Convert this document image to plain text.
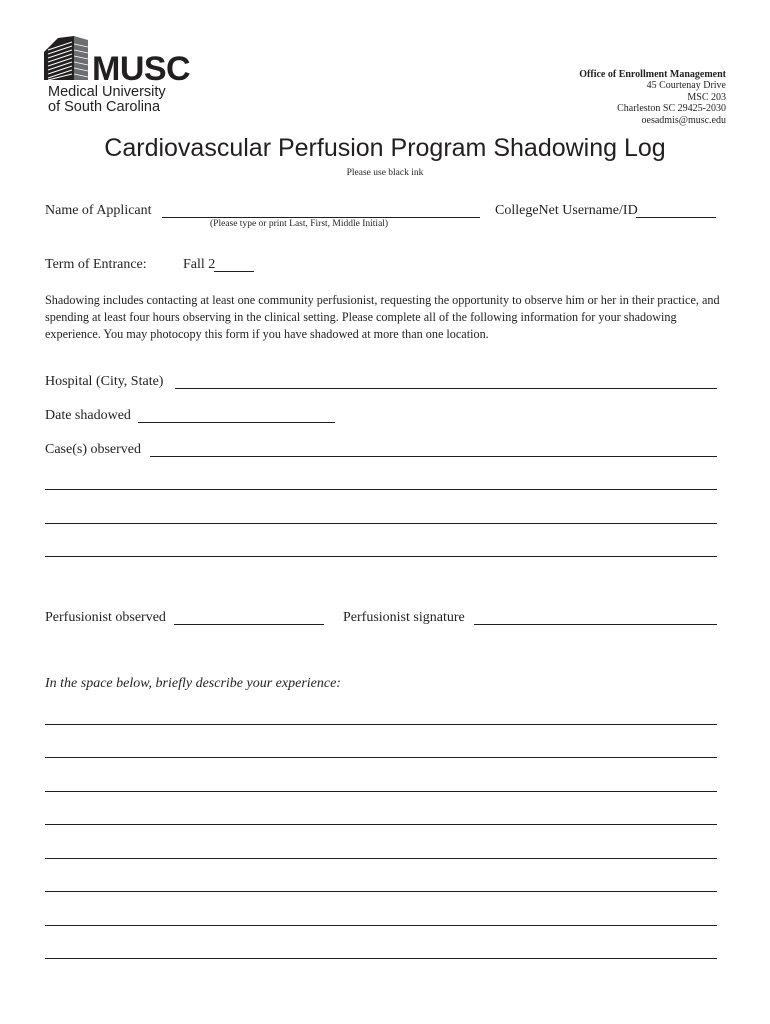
MUSC
Medical University
of South Carolina
Office of Enrollment Management
45 Courtenay Drive
MSC 203
Charleston SC 29425-2030
oesadmis@musc.edu
Cardiovascular Perfusion Program Shadowing Log
Please use black ink
Name of Applicant
(Please type or print Last, First, Middle Initial)
CollegeNet Username/ID
Term of Entrance:	Fall 2
Shadowing includes contacting at least one community perfusionist, requesting the opportunity to observe him or her in their practice, and spending at least four hours observing in the clinical setting. Please complete all of the following information for your shadowing experience. You may photocopy this form if you have shadowed at more than one location.
Hospital (City, State)
Date shadowed
Case(s) observed
Perfusionist observed	Perfusionist signature
In the space below, briefly describe your experience:
